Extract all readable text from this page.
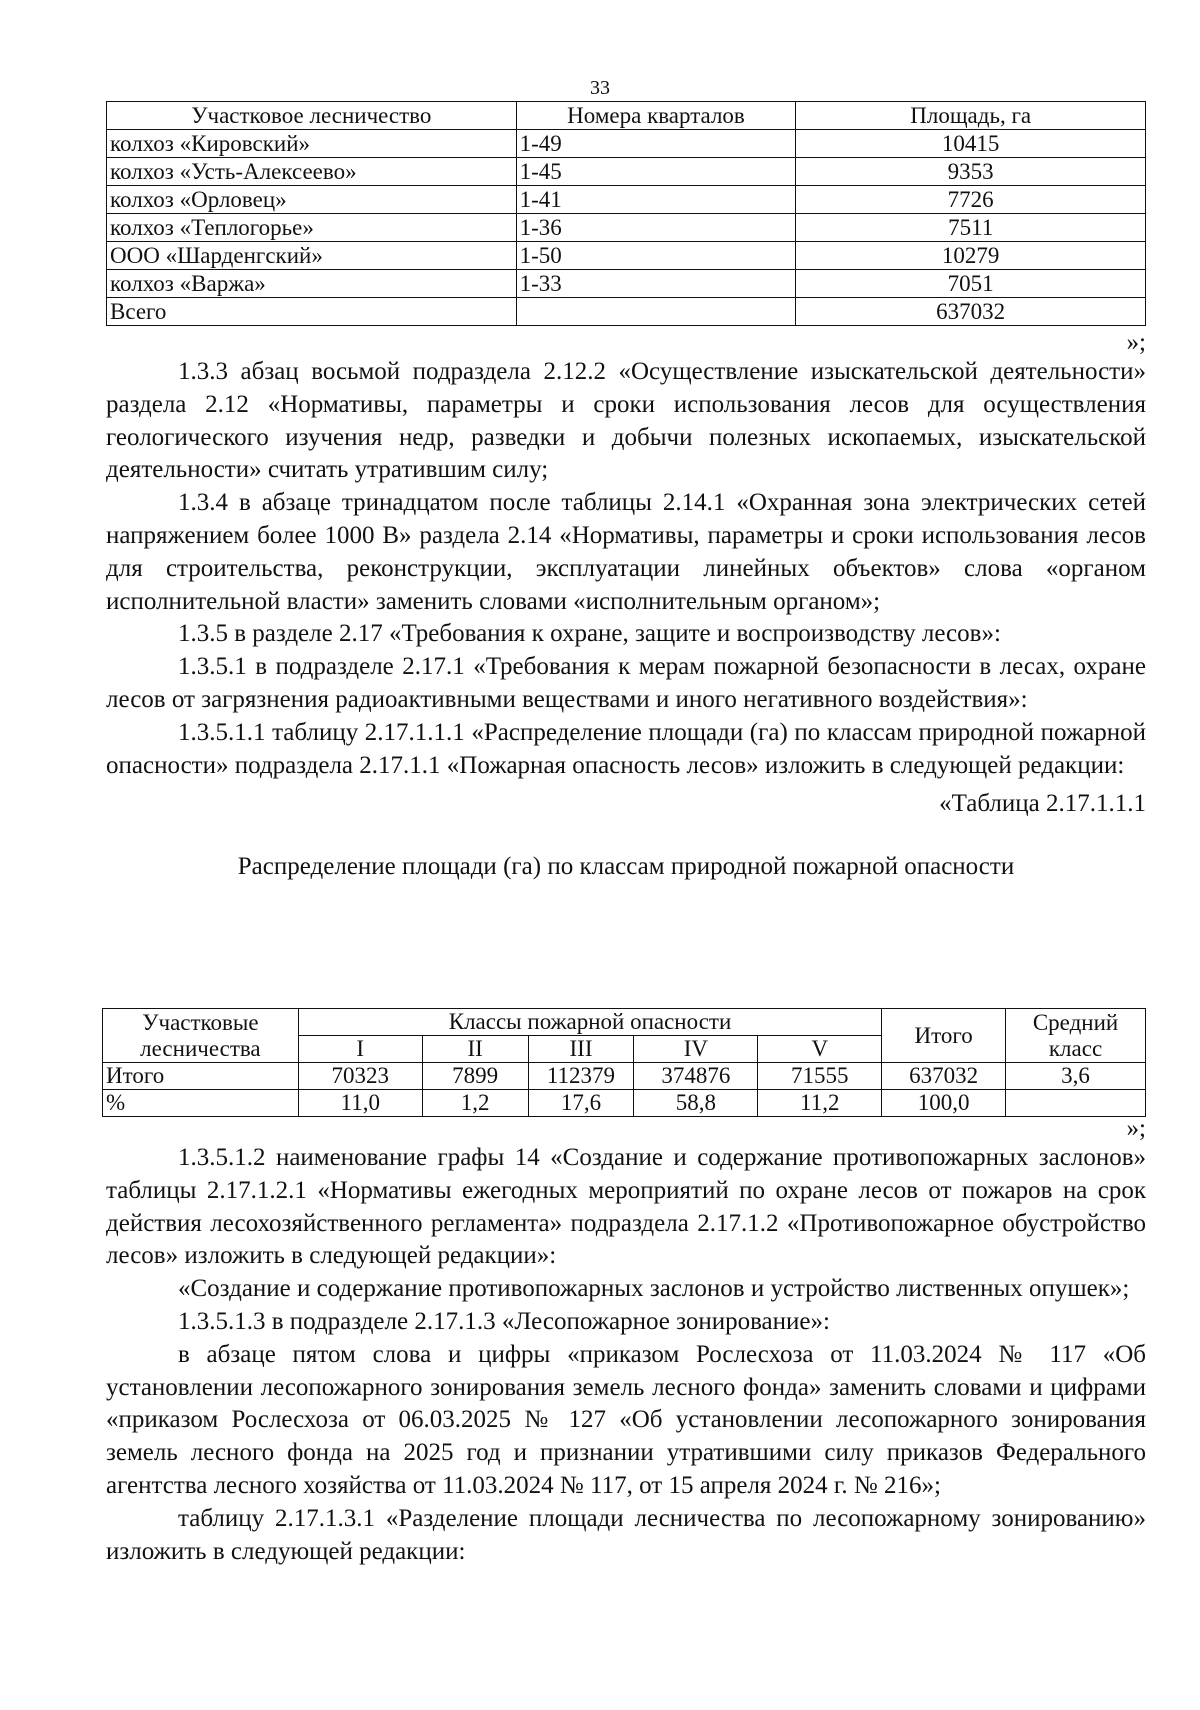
33
Участковое лесничество	Номера кварталов	Площадь, га
колхоз «Кировский»	1-49	10415
колхоз «Усть-Алексеево»	1-45	9353
колхоз «Орловец»	1-41	7726
колхоз «Теплогорье»	1-36	7511
ООО «Шарденгский»	1-50	10279
колхоз «Варжа»	1-33	7051
Всего		637032

»;

1.3.3 абзац восьмой подраздела 2.12.2 «Осуществление изыскательской деятельности» раздела 2.12 «Нормативы, параметры и сроки использования лесов для осуществления геологического изучения недр, разведки и добычи полезных ископаемых, изыскательской деятельности» считать утратившим силу;

1.3.4 в абзаце тринадцатом после таблицы 2.14.1 «Охранная зона электрических сетей напряжением более 1000 В» раздела 2.14 «Нормативы, параметры и сроки использования лесов для строительства, реконструкции, эксплуатации линейных объектов» слова «органом исполнительной власти» заменить словами «исполнительным органом»;

1.3.5 в разделе 2.17 «Требования к охране, защите и воспроизводству лесов»:

1.3.5.1 в подразделе 2.17.1 «Требования к мерам пожарной безопасности в лесах, охране лесов от загрязнения радиоактивными веществами и иного негативного воздействия»:

1.3.5.1.1 таблицу 2.17.1.1.1 «Распределение площади (га) по классам природной пожарной опасности» подраздела 2.17.1.1 «Пожарная опасность лесов» изложить в следующей редакции:

«Таблица 2.17.1.1.1

Распределение площади (га) по классам природной пожарной опасности

Участковые лесничества	Классы пожарной опасности					Итого	Средний класс
	I	II	III	IV	V		
Итого	70323	7899	112379	374876	71555	637032	3,6
%	11,0	1,2	17,6	58,8	11,2	100,0	

»;

1.3.5.1.2 наименование графы 14 «Создание и содержание противопожарных заслонов» таблицы 2.17.1.2.1 «Нормативы ежегодных мероприятий по охране лесов от пожаров на срок действия лесохозяйственного регламента» подраздела 2.17.1.2 «Противопожарное обустройство лесов» изложить в следующей редакции»:

«Создание и содержание противопожарных заслонов и устройство лиственных опушек»;

1.3.5.1.3 в подразделе 2.17.1.3 «Лесопожарное зонирование»:

в абзаце пятом слова и цифры «приказом Рослесхоза от 11.03.2024 № 117 «Об установлении лесопожарного зонирования земель лесного фонда» заменить словами и цифрами «приказом Рослесхоза от 06.03.2025 № 127 «Об установлении лесопожарного зонирования земель лесного фонда на 2025 год и признании утратившими силу приказов Федерального агентства лесного хозяйства от 11.03.2024 № 117, от 15 апреля 2024 г. № 216»;

таблицу 2.17.1.3.1 «Разделение площади лесничества по лесопожарному зонированию» изложить в следующей редакции:
